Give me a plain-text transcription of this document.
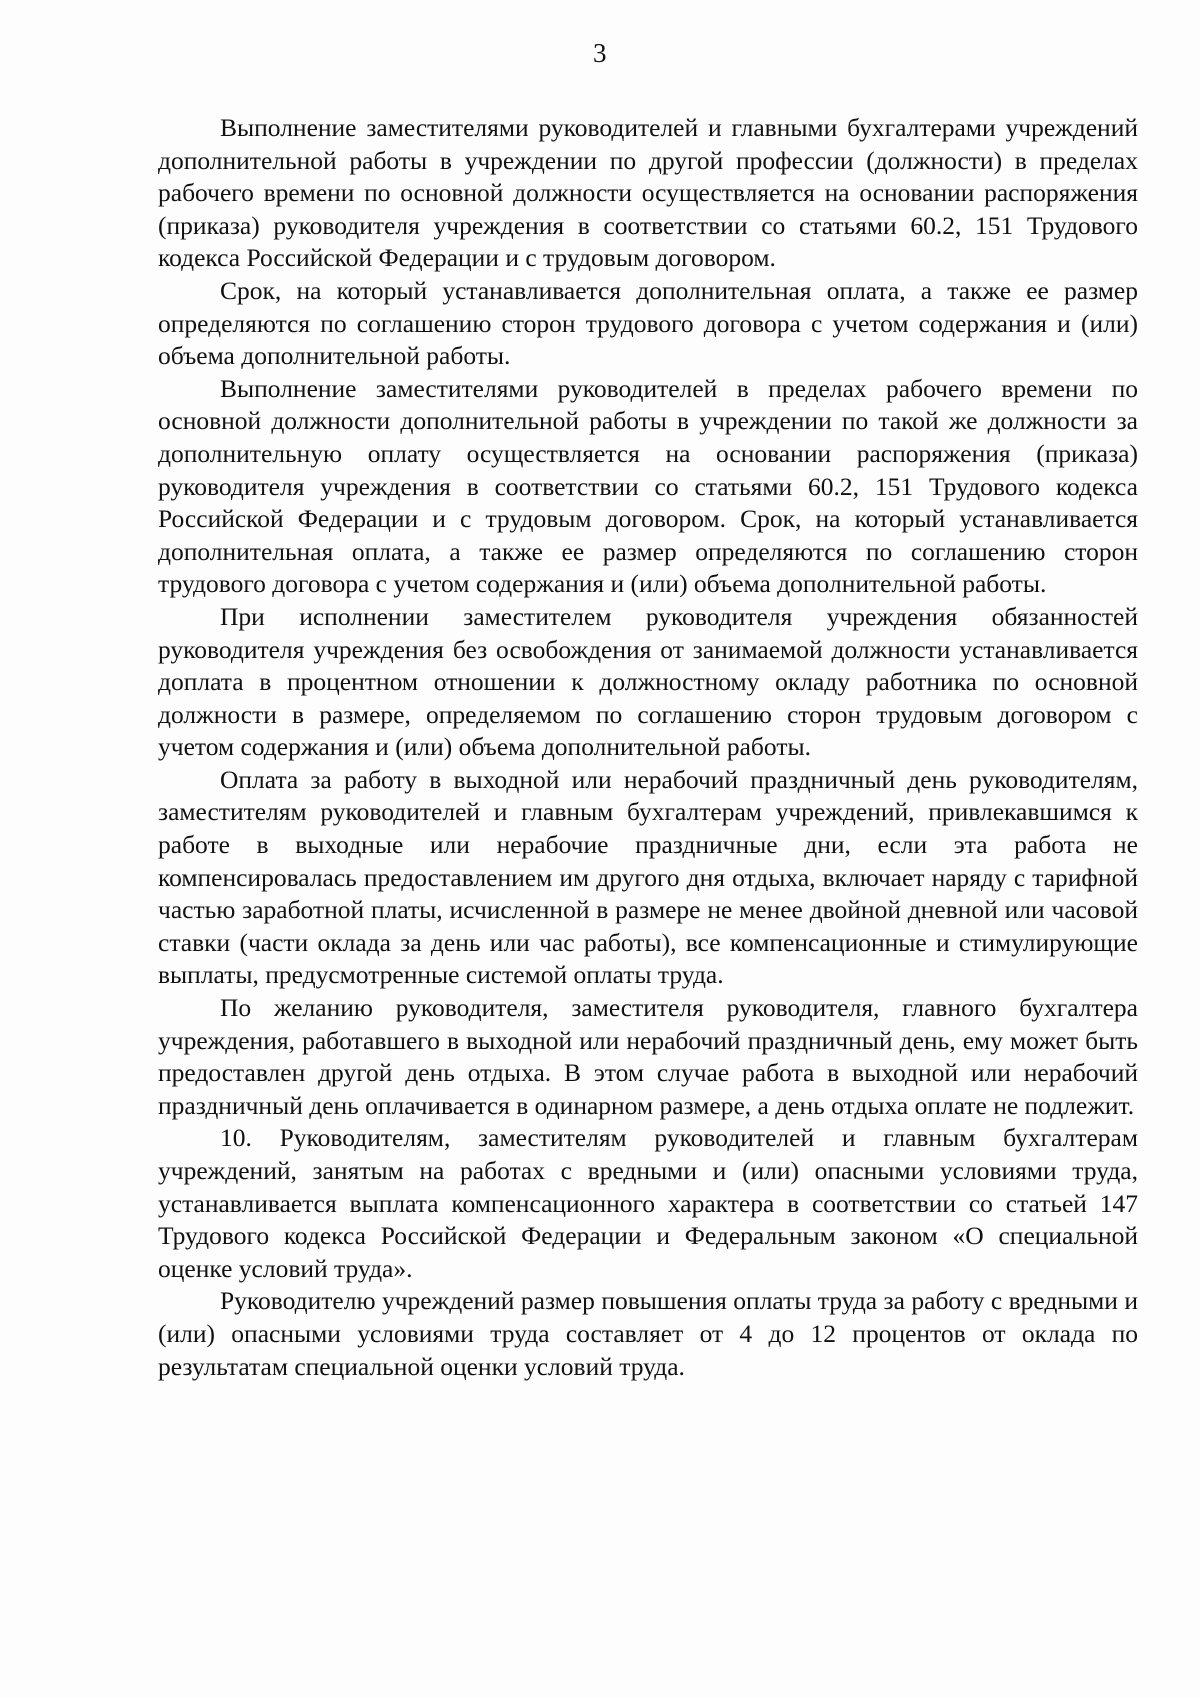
3

Выполнение заместителями руководителей и главными бухгалтерами учреждений дополнительной работы в учреждении по другой профессии (должности) в пределах рабочего времени по основной должности осуществляется на основании распоряжения (приказа) руководителя учреждения в соответствии со статьями 60.2, 151 Трудового кодекса Российской Федерации и с трудовым договором.

Срок, на который устанавливается дополнительная оплата, а также ее размер определяются по соглашению сторон трудового договора с учетом содержания и (или) объема дополнительной работы.

Выполнение заместителями руководителей в пределах рабочего времени по основной должности дополнительной работы в учреждении по такой же должности за дополнительную оплату осуществляется на основании распоряжения (приказа) руководителя учреждения в соответствии со статьями 60.2, 151 Трудового кодекса Российской Федерации и с трудовым договором. Срок, на который устанавливается дополнительная оплата, а также ее размер определяются по соглашению сторон трудового договора с учетом содержания и (или) объема дополнительной работы.

При исполнении заместителем руководителя учреждения обязанностей руководителя учреждения без освобождения от занимаемой должности устанавливается доплата в процентном отношении к должностному окладу работника по основной должности в размере, определяемом по соглашению сторон трудовым договором с учетом содержания и (или) объема дополнительной работы.

Оплата за работу в выходной или нерабочий праздничный день руководителям, заместителям руководителей и главным бухгалтерам учреждений, привлекавшимся к работе в выходные или нерабочие праздничные дни, если эта работа не компенсировалась предоставлением им другого дня отдыха, включает наряду с тарифной частью заработной платы, исчисленной в размере не менее двойной дневной или часовой ставки (части оклада за день или час работы), все компенсационные и стимулирующие выплаты, предусмотренные системой оплаты труда.

По желанию руководителя, заместителя руководителя, главного бухгалтера учреждения, работавшего в выходной или нерабочий праздничный день, ему может быть предоставлен другой день отдыха. В этом случае работа в выходной или нерабочий праздничный день оплачивается в одинарном размере, а день отдыха оплате не подлежит.

10. Руководителям, заместителям руководителей и главным бухгалтерам учреждений, занятым на работах с вредными и (или) опасными условиями труда, устанавливается выплата компенсационного характера в соответствии со статьей 147 Трудового кодекса Российской Федерации и Федеральным законом «О специальной оценке условий труда».

Руководителю учреждений размер повышения оплаты труда за работу с вредными и (или) опасными условиями труда составляет от 4 до 12 процентов от оклада по результатам специальной оценки условий труда.
